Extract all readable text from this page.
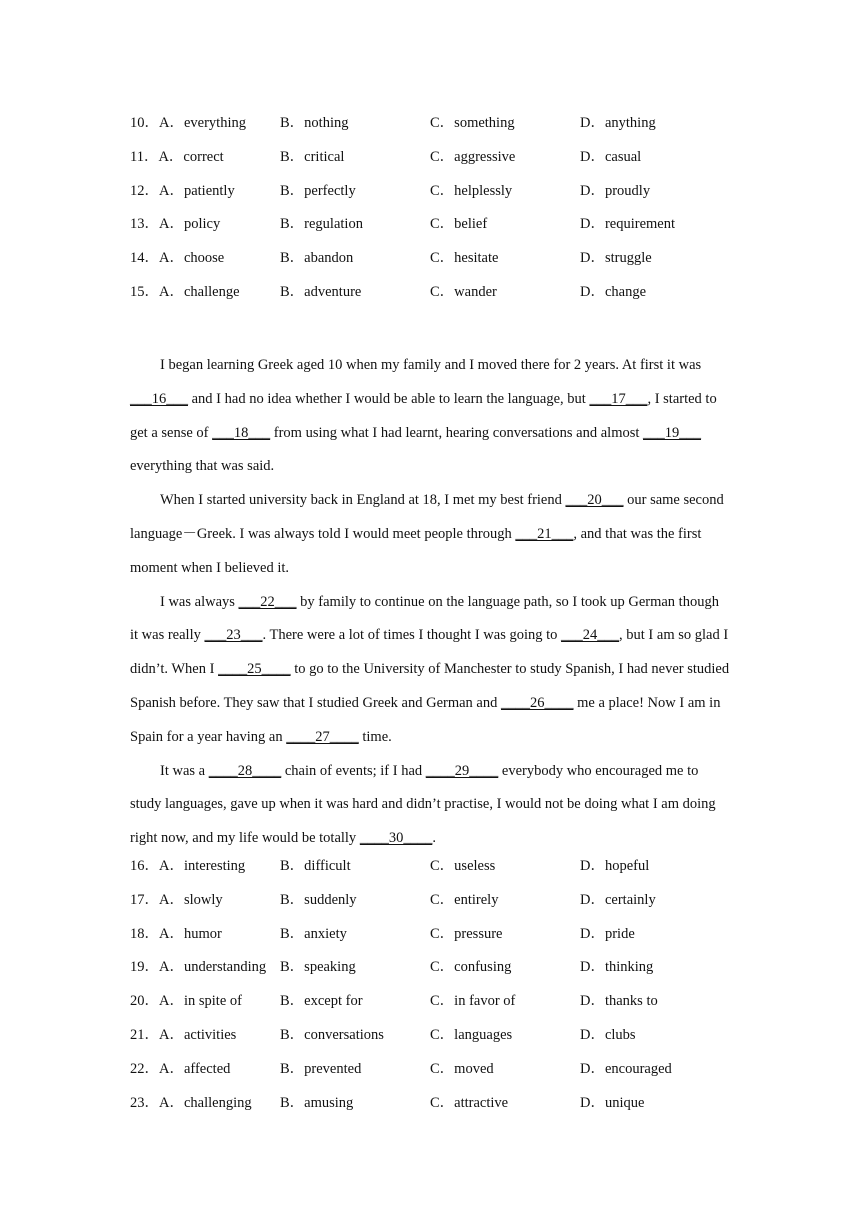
10．A．everything B．nothing	C．something	D．anything
11．A．correct	B．critical	C．aggressive	D．casual
12．A．patiently	B．perfectly	C．helplessly	D．proudly
13．A．policy	B．regulation	C．belief	D．requirement
14．A．choose	B．abandon	C．hesitate	D．struggle
15．A．challenge	B．adventure	C．wander	D．change

I began learning Greek aged 10 when my family and I moved there for 2 years. At first it was ___16___ and I had no idea whether I would be able to learn the language, but ___17___, I started to get a sense of ___18___ from using what I had learnt, hearing conversations and almost ___19___ everything that was said.

When I started university back in England at 18, I met my best friend ___20___ our same second language－Greek. I was always told I would meet people through ___21___, and that was the first moment when I believed it.

I was always ___22___ by family to continue on the language path, so I took up German though it was really ___23___. There were a lot of times I thought I was going to ___24___, but I am so glad I didn’t. When I ____25____ to go to the University of Manchester to study Spanish, I had never studied Spanish before. They saw that I studied Greek and German and ____26____ me a place! Now I am in Spain for a year having an ____27____ time.

It was a ____28____ chain of events; if I had ____29____ everybody who encouraged me to study languages, gave up when it was hard and didn’t practise, I would not be doing what I am doing right now, and my life would be totally ____30____.

16．A．interesting B．difficult	C．useless	D．hopeful
17．A．slowly	B．suddenly	C．entirely	D．certainly
18．A．humor	B．anxiety	C．pressure	D．pride
19．A．understanding B．speaking	C．confusing	D．thinking
20．A．in spite of	B．except for	C．in favor of	D．thanks to
21．A．activities	B．conversations	C．languages	D．clubs
22．A．affected	B．prevented	C．moved	D．encouraged
23．A．challenging B．amusing	C．attractive	D．unique
